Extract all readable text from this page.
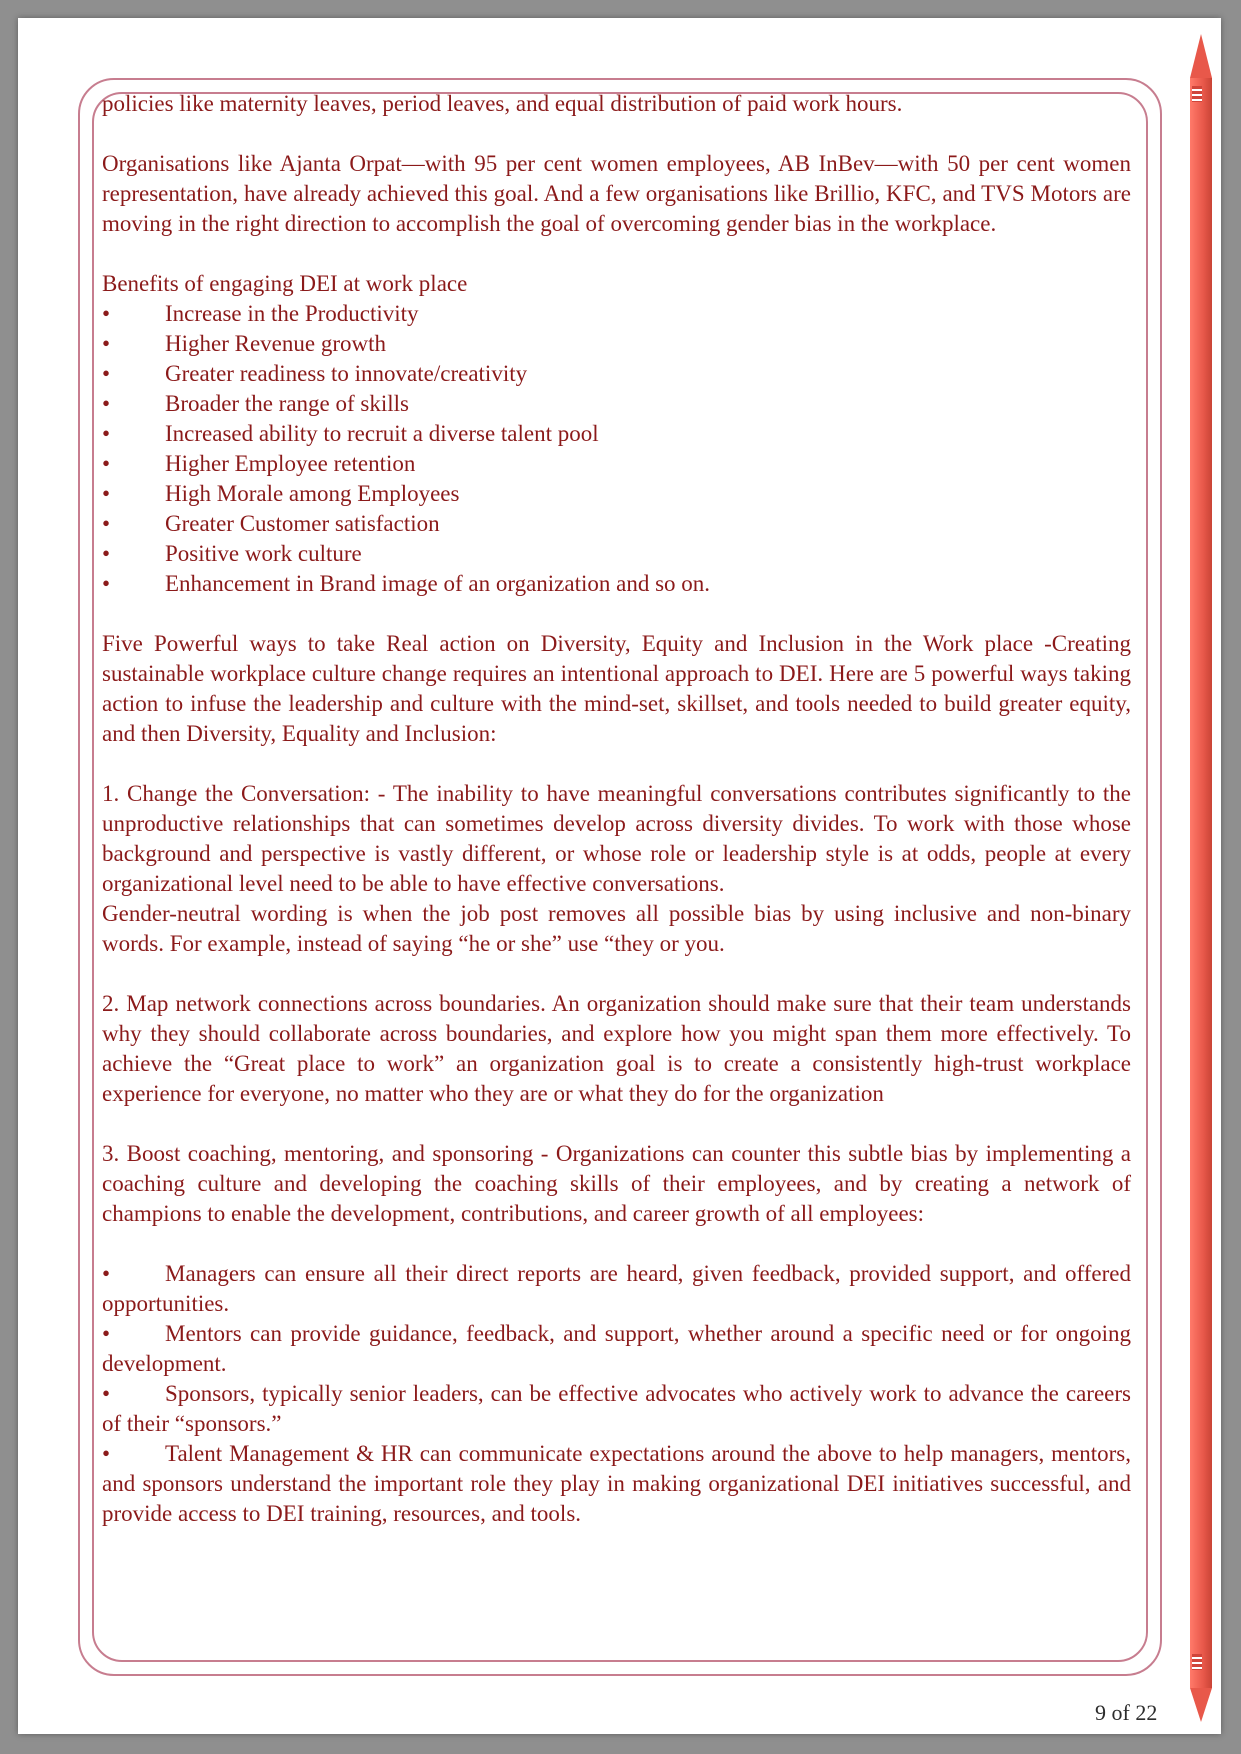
policies like maternity leaves, period leaves, and equal distribution of paid work hours.

Organisations like Ajanta Orpat—with 95 per cent women employees, AB InBev—with 50 per cent women representation, have already achieved this goal. And a few organisations like Brillio, KFC, and TVS Motors are moving in the right direction to accomplish the goal of overcoming gender bias in the workplace.

Benefits of engaging DEI at work place

•	Increase in the Productivity
•	Higher Revenue growth
•	Greater readiness to innovate/creativity
•	Broader the range of skills
•	Increased ability to recruit a diverse talent pool
•	Higher Employee retention
•	High Morale among Employees
•	Greater Customer satisfaction
•	Positive work culture
•	Enhancement in Brand image of an organization and so on.

Five Powerful ways to take Real action on Diversity, Equity and Inclusion in the Work place -Creating sustainable workplace culture change requires an intentional approach to DEI. Here are 5 powerful ways taking action to infuse the leadership and culture with the mind-set, skillset, and tools needed to build greater equity, and then Diversity, Equality and Inclusion:

1. Change the Conversation: - The inability to have meaningful conversations contributes significantly to the unproductive relationships that can sometimes develop across diversity divides. To work with those whose background and perspective is vastly different, or whose role or leadership style is at odds, people at every organizational level need to be able to have effective conversations.

Gender-neutral wording is when the job post removes all possible bias by using inclusive and non-binary words. For example, instead of saying “he or she” use “they or you.

2. Map network connections across boundaries. An organization should make sure that their team understands why they should collaborate across boundaries, and explore how you might span them more effectively. To achieve the “Great place to work” an organization goal is to create a consistently high-trust workplace experience for everyone, no matter who they are or what they do for the organization

3. Boost coaching, mentoring, and sponsoring - Organizations can counter this subtle bias by implementing a coaching culture and developing the coaching skills of their employees, and by creating a network of champions to enable the development, contributions, and career growth of all employees:

•	Managers can ensure all their direct reports are heard, given feedback, provided support, and offered opportunities.
•	Mentors can provide guidance, feedback, and support, whether around a specific need or for ongoing development.
•	Sponsors, typically senior leaders, can be effective advocates who actively work to advance the careers of their “sponsors.”
•	Talent Management & HR can communicate expectations around the above to help managers, mentors, and sponsors understand the important role they play in making organizational DEI initiatives successful, and provide access to DEI training, resources, and tools.
9 of 22
